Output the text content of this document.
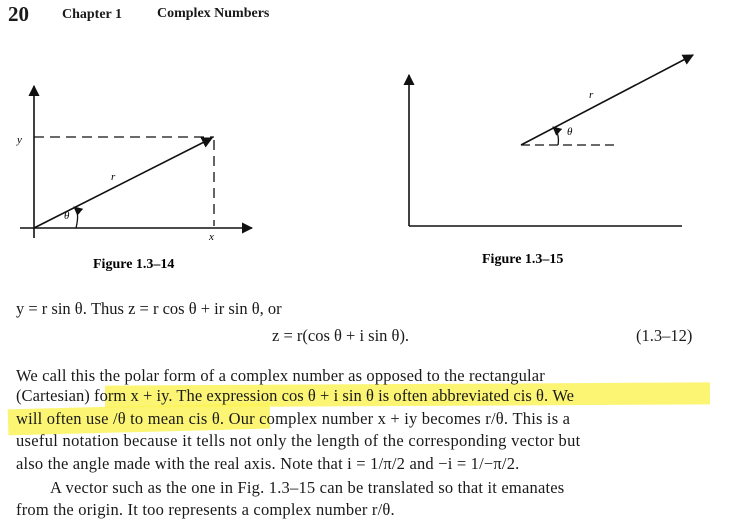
20 Chapter 1 Complex Numbers
y
r
θ
x
Figure 1.3–14
r
θ
Figure 1.3–15
y = r sin θ. Thus z = r cos θ + ir sin θ, or
z = r(cos θ + i sin θ).	(1.3–12)
We call this the polar form of a complex number as opposed to the rectangular
(Cartesian) form x + iy. The expression cos θ + i sin θ is often abbreviated cis θ. We
will often use /θ to mean cis θ. Our complex number x + iy becomes r/θ. This is a
useful notation because it tells not only the length of the corresponding vector but
also the angle made with the real axis. Note that i = 1/π/2 and −i = 1/−π/2.
A vector such as the one in Fig. 1.3–15 can be translated so that it emanates
from the origin. It too represents a complex number r/θ.
